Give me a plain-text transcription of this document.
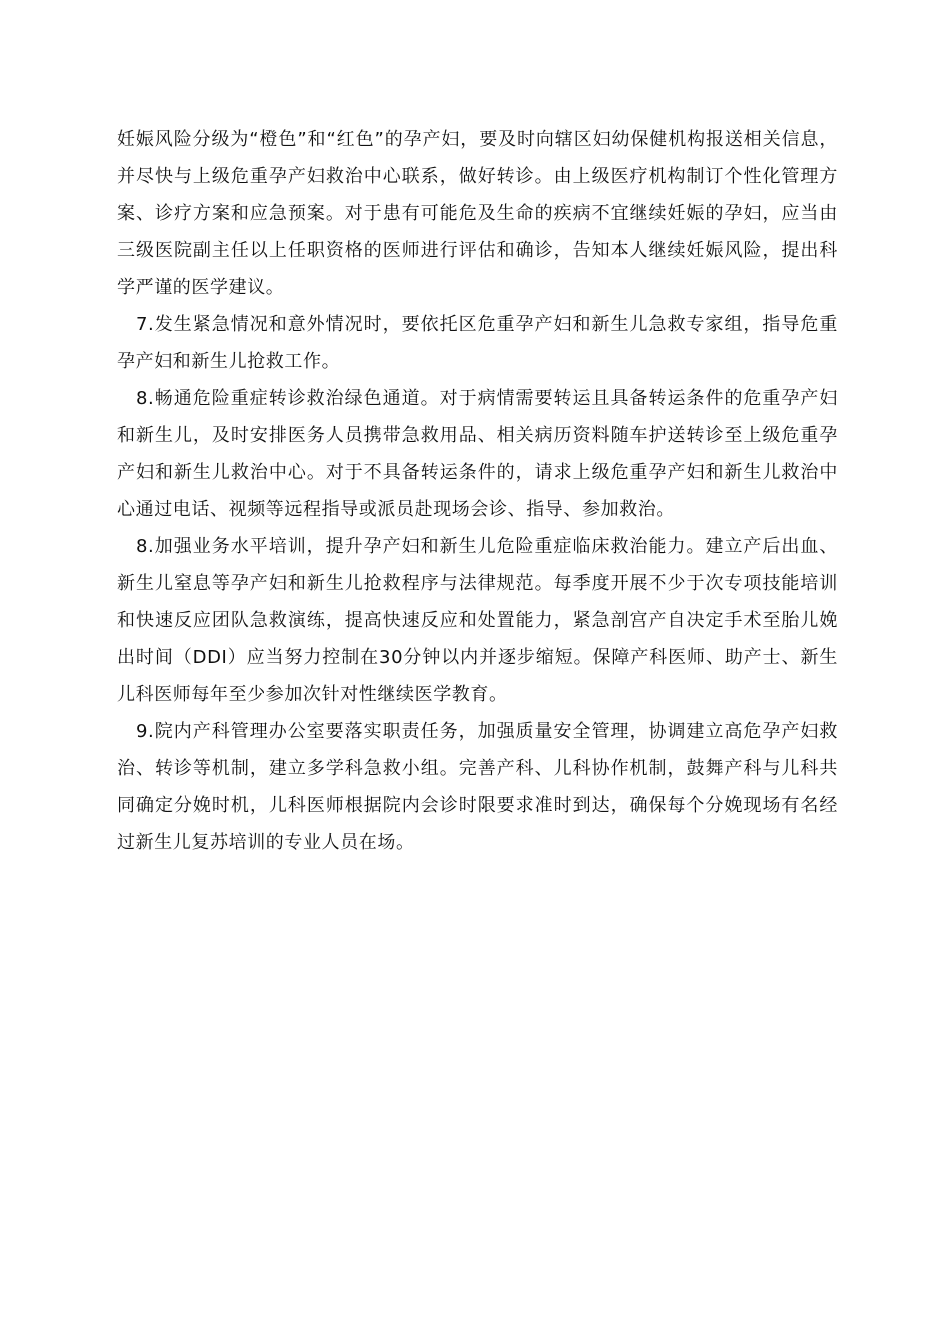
妊娠风险分级为“橙色”和“红色”的孕产妇，要及时向辖区妇幼保健机构报送相关信息，并尽快与上级危重孕产妇救治中心联系，做好转诊。由上级医疗机构制订个性化管理方案、诊疗方案和应急预案。对于患有可能危及生命的疾病不宜继续妊娠的孕妇，应当由三级医院副主任以上任职资格的医师进行评估和确诊，告知本人继续妊娠风险，提出科学严谨的医学建议。

7.发生紧急情况和意外情况时，要依托区危重孕产妇和新生儿急救专家组，指导危重孕产妇和新生儿抢救工作。

8.畅通危险重症转诊救治绿色通道。对于病情需要转运且具备转运条件的危重孕产妇和新生儿，及时安排医务人员携带急救用品、相关病历资料随车护送转诊至上级危重孕产妇和新生儿救治中心。对于不具备转运条件的，请求上级危重孕产妇和新生儿救治中心通过电话、视频等远程指导或派员赴现场会诊、指导、参加救治。

8.加强业务水平培训，提升孕产妇和新生儿危险重症临床救治能力。建立产后出血、新生儿窒息等孕产妇和新生儿抢救程序与法律规范。每季度开展不少于次专项技能培训和快速反应团队急救演练，提高快速反应和处置能力，紧急剖宫产自决定手术至胎儿娩出时间（DDI）应当努力控制在30分钟以内并逐步缩短。保障产科医师、助产士、新生儿科医师每年至少参加次针对性继续医学教育。

9.院内产科管理办公室要落实职责任务，加强质量安全管理，协调建立高危孕产妇救治、转诊等机制，建立多学科急救小组。完善产科、儿科协作机制，鼓舞产科与儿科共同确定分娩时机，儿科医师根据院内会诊时限要求准时到达，确保每个分娩现场有名经过新生儿复苏培训的专业人员在场。
